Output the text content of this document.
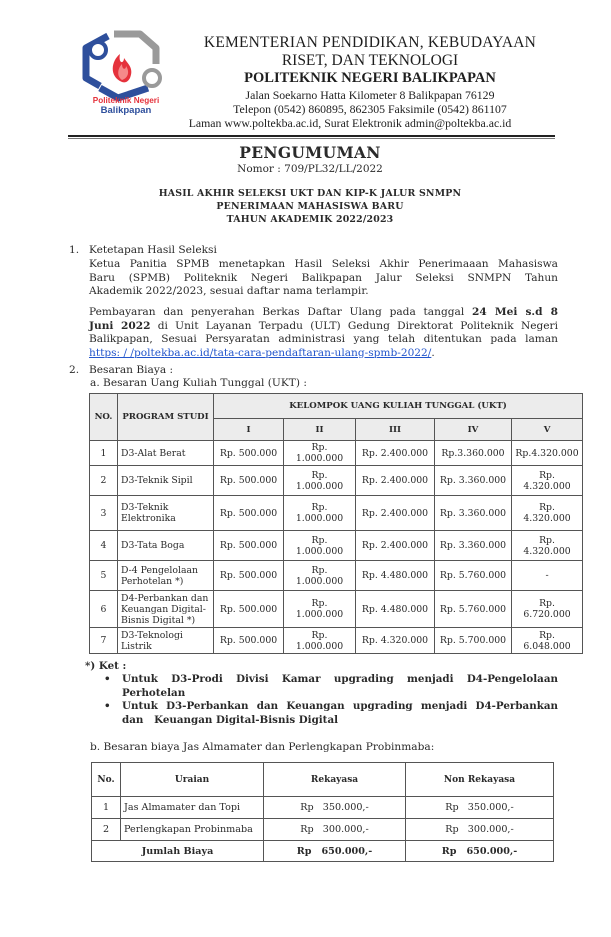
Politeknik Negeri
Balikpapan
KEMENTERIAN PENDIDIKAN, KEBUDAYAAN
RISET, DAN TEKNOLOGI
POLITEKNIK NEGERI BALIKPAPAN
Jalan Soekarno Hatta Kilometer 8 Balikpapan 76129
Telepon (0542) 860895, 862305 Faksimile (0542) 861107
Laman www.poltekba.ac.id, Surat Elektronik admin@poltekba.ac.id
PENGUMUMAN
Nomor : 709/PL32/LL/2022
HASIL AKHIR SELEKSI UKT DAN KIP-K JALUR SNMPN
PENERIMAAN MAHASISWA BARU
TAHUN AKADEMIK 2022/2023
1. Ketetapan Hasil Seleksi
Ketua Panitia SPMB menetapkan Hasil Seleksi Akhir Penerimaaan Mahasiswa
Baru (SPMB) Politeknik Negeri Balikpapan Jalur Seleksi SNMPN Tahun
Akademik 2022/2023, sesuai daftar nama terlampir.
Pembayaran dan penyerahan Berkas Daftar Ulang pada tanggal 24 Mei s.d 8
Juni 2022 di Unit Layanan Terpadu (ULT) Gedung Direktorat Politeknik Negeri
Balikpapan, Sesuai Persyaratan administrasi yang telah ditentukan pada laman
https: / /poltekba.ac.id/tata-cara-pendaftaran-ulang-spmb-2022/.
2. Besaran Biaya :
a. Besaran Uang Kuliah Tunggal (UKT) :
NO.	PROGRAM STUDI	KELOMPOK UANG KULIAH TUNGGAL (UKT)				
		I	II	III	IV	V
1	D3-Alat Berat	Rp. 500.000	Rp. 1.000.000	Rp. 2.400.000	Rp.3.360.000	Rp.4.320.000
2	D3-Teknik Sipil	Rp. 500.000	Rp. 1.000.000	Rp. 2.400.000	Rp. 3.360.000	Rp. 4.320.000
3	D3-Teknik Elektronika	Rp. 500.000	Rp. 1.000.000	Rp. 2.400.000	Rp. 3.360.000	Rp. 4.320.000
4	D3-Tata Boga	Rp. 500.000	Rp. 1.000.000	Rp. 2.400.000	Rp. 3.360.000	Rp. 4.320.000
5	D-4 Pengelolaan Perhotelan *)	Rp. 500.000	Rp. 1.000.000	Rp. 4.480.000	Rp. 5.760.000	-
6	D4-Perbankan dan Keuangan Digital-Bisnis Digital *)	Rp. 500.000	Rp. 1.000.000	Rp. 4.480.000	Rp. 5.760.000	Rp. 6.720.000
7	D3-Teknologi Listrik	Rp. 500.000	Rp. 1.000.000	Rp. 4.320.000	Rp. 5.700.000	Rp. 6.048.000
*) Ket :
• Untuk D3-Prodi Divisi Kamar upgrading menjadi D4-Pengelolaan
Perhotelan
• Untuk D3-Perbankan dan Keuangan upgrading menjadi D4-Perbankan
dan   Keuangan Digital-Bisnis Digital
b. Besaran biaya Jas Almamater dan Perlengkapan Probinmaba:
No.	Uraian	Rekayasa	Non Rekayasa
1	Jas Almamater dan Topi	Rp   350.000,-	Rp   350.000,-
2	Perlengkapan Probinmaba	Rp   300.000,-	Rp   300.000,-
Jumlah Biaya		Rp   650.000,-	Rp   650.000,-
